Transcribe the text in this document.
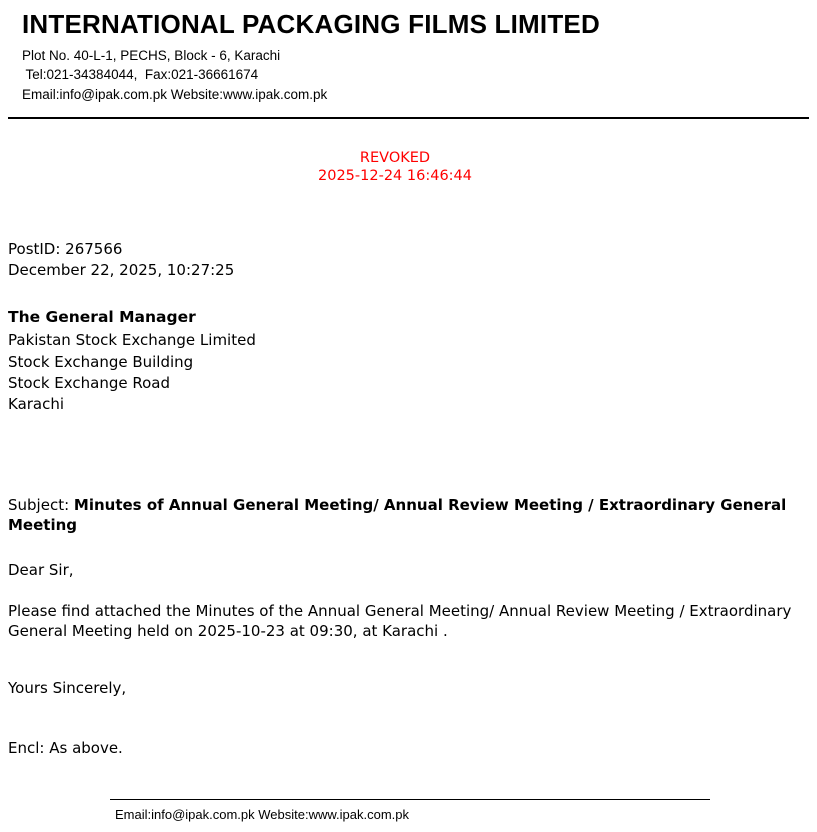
INTERNATIONAL PACKAGING FILMS LIMITED

Plot No. 40-L-1, PECHS, Block - 6, Karachi

Tel:021-34384044,  Fax:021-36661674

Email:info@ipak.com.pk Website:www.ipak.com.pk

REVOKED
2025-12-24 16:46:44

PostID: 267566

December 22, 2025, 10:27:25

The General Manager

Pakistan Stock Exchange Limited

Stock Exchange Building

Stock Exchange Road

Karachi

Subject: Minutes of Annual General Meeting/ Annual Review Meeting / Extraordinary General Meeting

Dear Sir,

Please find attached the Minutes of the Annual General Meeting/ Annual Review Meeting / Extraordinary General Meeting held on 2025-10-23 at 09:30, at Karachi .

Yours Sincerely,

Encl: As above.

Email:info@ipak.com.pk Website:www.ipak.com.pk
